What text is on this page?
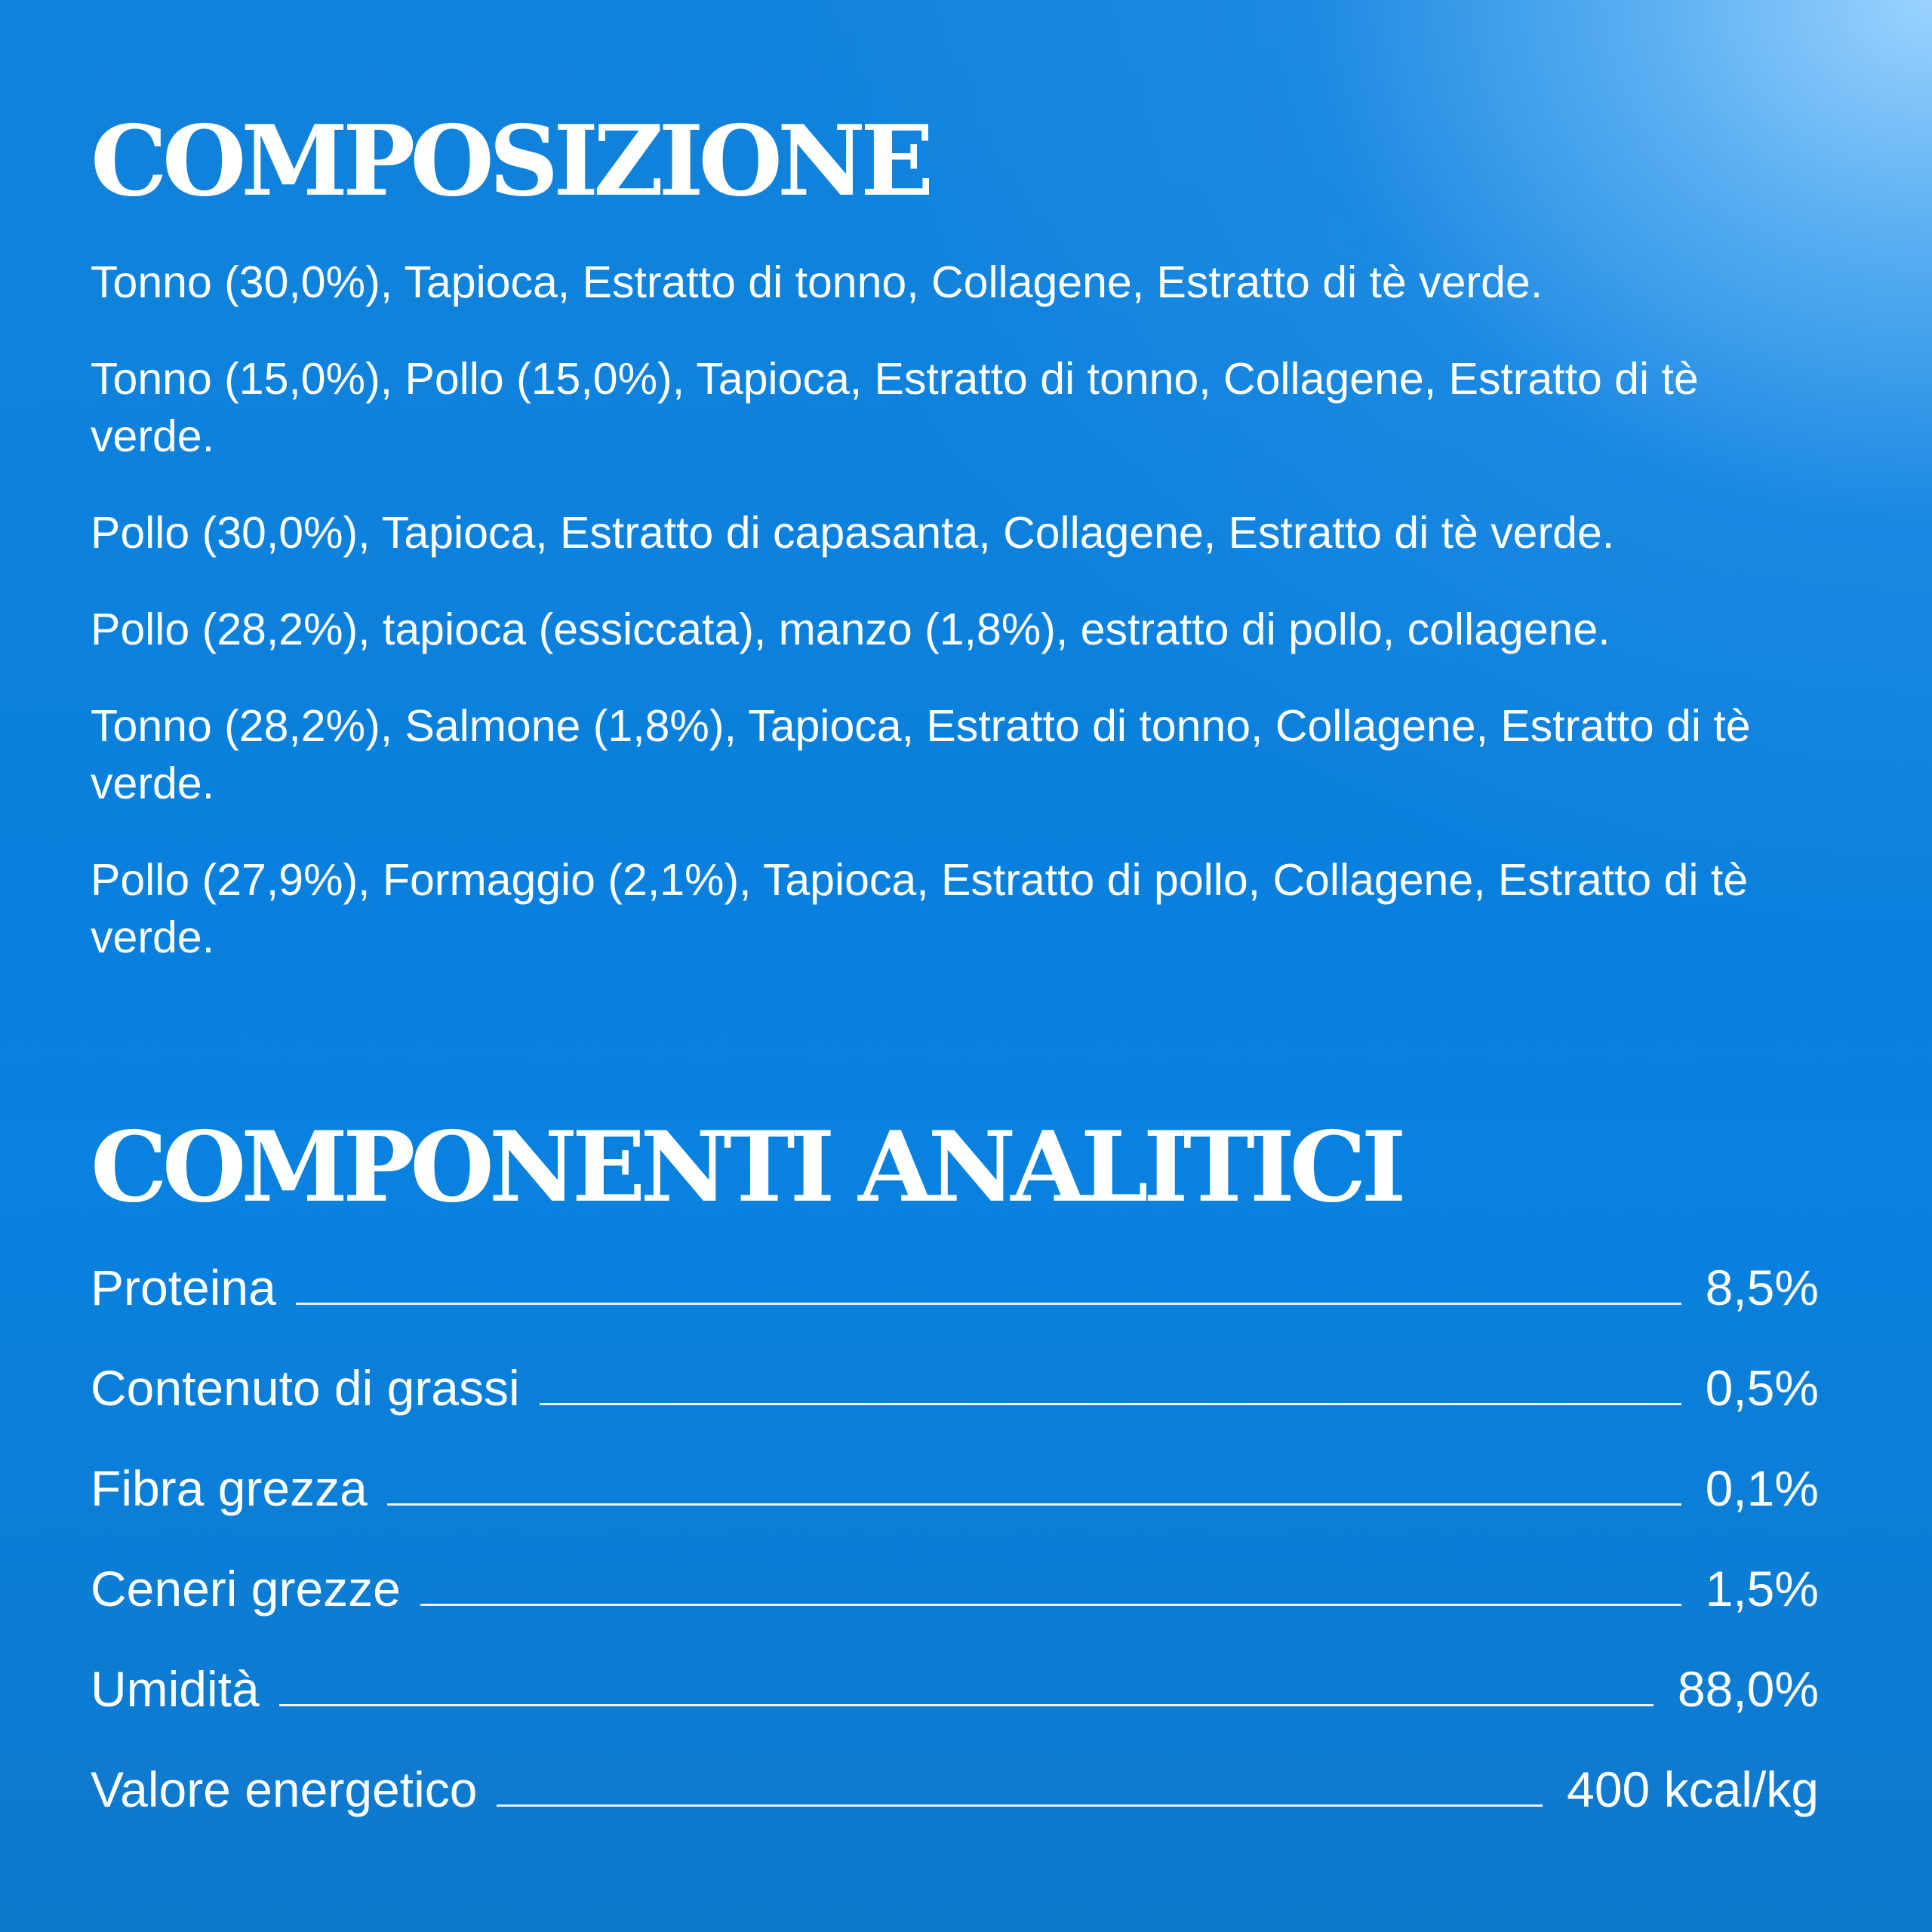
COMPOSIZIONE

Tonno (30,0%), Tapioca, Estratto di tonno, Collagene, Estratto di tè verde.

Tonno (15,0%), Pollo (15,0%), Tapioca, Estratto di tonno, Collagene, Estratto di tè verde.

Pollo (30,0%), Tapioca, Estratto di capasanta, Collagene, Estratto di tè verde.

Pollo (28,2%), tapioca (essiccata), manzo (1,8%), estratto di pollo, collagene.

Tonno (28,2%), Salmone (1,8%), Tapioca, Estratto di tonno, Collagene, Estratto di tè verde.

Pollo (27,9%), Formaggio (2,1%), Tapioca, Estratto di pollo, Collagene, Estratto di tè verde.

COMPONENTI ANALITICI
Proteina	8,5%
Contenuto di grassi	0,5%
Fibra grezza	0,1%
Ceneri grezze	1,5%
Umidità	88,0%
Valore energetico	400 kcal/kg
